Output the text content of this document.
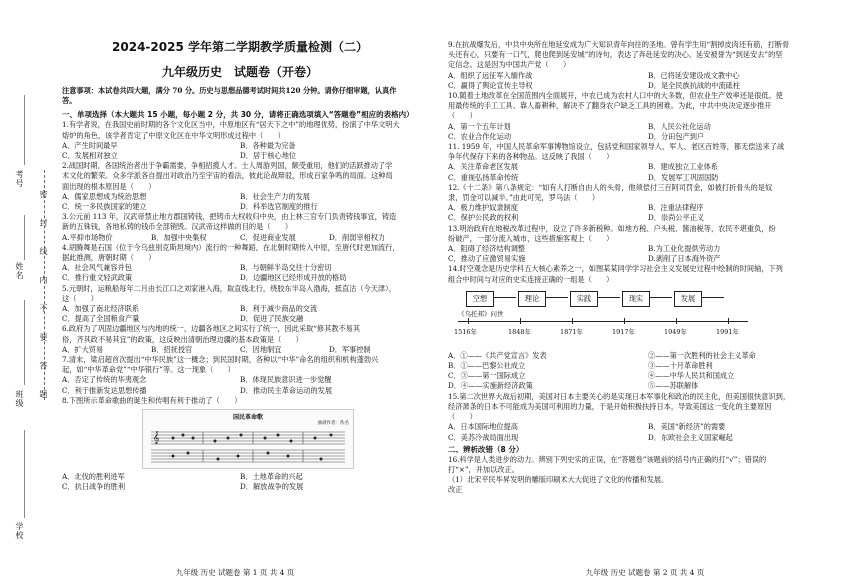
考号
姓名
班级
学校
密 封 线 内 不 要 答 题
2024-2025 学年第二学期教学质量检测（二）
九年级历史　试题卷（开卷）
注意事项：本试卷共四大题，满分 70 分。历史与思想品德考试时间共120 分钟。请你仔细审题，认真作
答。
一、单项选择（本大题共 15 小题，每小题 2 分，共 30 分，请将正确选项填入“答题卷”相应的表格内）
1.有学者说，在我国史前时期的各个文化区当中，中原地区有“居天下之中”的地理优势，扮演了中华文明大
熔炉的角色，该学者肯定了中原文化区在中华文明形成过程中（　　）
A．产生时间最早	B．各种最为完备
C．发展相对独立	D．居于核心地位
2.战国时期，各国统治者出于争霸需要，争相招揽人才。士人周游列国，颇受重用，他们的活跃推动了学
术文化的繁荣。众多学派各自提出对政治乃至宇宙的看法，彼此论战辩驳，形成百家争鸣的局面。这种局
面出现的根本原因是（　　）
A．儒家思想成为统治思想	B．社会生产力的发展
C．统一多民族国家的建立	D．科举选官制度的推行
3.公元前 113 年，汉武帝禁止地方郡国铸钱，把铸币大权收归中央，由上林三官专门负责铸钱事宜，铸造
新的五铢钱，各地私铸的钱币全部销毁。汉武帝这样做的目的是（　　）
A.平抑市场物价	B．加强中央集权	C．促进商业发展	D．削弱宰相权力
4.胡腾舞是石国（位于今乌兹别克斯坦境内）流行的一种舞蹈，在北朝时期传入中原，至唐代时更加流行，
据此推测，唐朝时期（　　）
A．社会风气兼容并包	B．与朝鲜半岛交往十分密切
C．推行重文轻武政策	D．边疆地区已经形成开放的格局
5.元朝时，运粮船每年二月由长江口之刘家港入海，取直线北行，绕胶东半岛入渤海，抵直沽（今天津），
这（　　）
A．加强了南北经济联系	B．利于减少商品的交流
C．提高了全国粮食产量	D．促进了民族交融
6.政府为了巩固边疆地区与内地的统一，边疆各地区之间实行了统一，因此采取“修其教不易其
俗，齐其政不易其宜”的政策，这反映出清朝治理边疆的基本政策是（　　）
A．扩大贸易	B．招抚授官	C．因地制宜	D．军事控制
7.清末，梁启超首次提出“中华民族”这一概念；到民国时期，各种以“中华”命名的组织和机构蓬勃兴
起，如“中华革命党”“中华银行”等。这一现象（　　）
A．否定了传统的华夷观念	B．体现民族意识进一步觉醒
C．利于推新发达思想传播	D．推动民主革命运动的发展
8.下图所示革命歌曲的诞生和传唱有利于推动了（　　）
国民革命歌
曲谱作者：佚名
𝄞
A．北伐的胜利进军	B．土地革命的兴起
C．抗日战争的胜利	D．解放战争的发展
九年级 历史 试题卷 第 1 页 共 4 页
9.在抗战爆发后，中共中央所在地延安成为广大知识青年向往的圣地。曾有学生用“割掉皮肉还有筋，打断骨
头还有心，只要有一口气，爬也爬到延安城”的诗句，表达了奔赴延安的决心。延安被誉为“到延安去”的坚
定信念。这是因为中国共产党（　　）
A．组织了远征军入缅作战	B．已将延安建设成文教中心
C．赢得了舆论宣传主导权	D．是全民族抗战的中流砥柱
10.随着土地改革在全国范围内全面展开，中农已成为农村人口中的大多数，但农业生产效率还是很低。使
用最传统的手工工具、靠人畜耕种，解决不了翻身农户缺乏工具的困难。为此，中共中央决定逐步推开
（　　）
A．第一个五年计划	B．人民公社化运动
C．农业合作化运动	D．分田包产到户
11. 1959 年，中国人民革命军事博物馆设立，包括党和国家领导人、军人、老区百姓等，都无偿送来了战
争年代保存下来的各种物品。这反映了我国（　　）
A．关注革命老区发展	B．建成独立工业体系
C．重视弘扬革命传统	D．发展军工巩固国防
12.《十二条》第八条规定：“如有人打断自由人的头骨，他须偿付三百阿司罚金，如被打折骨头的是奴
隶，罚金可以减半。”由此可见，罗马法（　　）
A．极力维护奴隶制度	B．注重法律程序
C．保护公民政的权利	D．崇尚公平正义
13.明治政府在地税改革过程中，设立了许多新税种。如地方税、户头税、酱油税等，农民不堪重负，纷
纷破产，一部分流入城市，这些措施客观上（　　）
A．阻碍了经济结构调整	B.为工业化提供劳动力
C．推动了应激贸易实施	D.剥削了日本海外资产
14.时空观念是历史学科五大核心素养之一，如图某某同学学习社会主义发展史过程中绘制的时间轴，下列
组合中时间与对应的史实连接正确的一组是（　　）
空想	理论	实践	现实	发展
《乌托邦》问世
1516年	1848年	1871年	1917年	1949年	1991年
A．①——《共产党宣言》发表	②——第一次胜利的社会主义革命
B．①——巴黎公社成立	③——十月革命胜利
C．③——第一国际成立	④——中华人民共和国成立
D．④——实施新经济政策	⑤——苏联解体
15.第二次世界大战后初期，美国对日本主要关心的是实现日本军事化和政治的民主化，但美国很快意识到，
经济萧条的日本不可能成为美国可利用的力量，于是开始积极扶持日本，导致美国这一变化的主要原因
（　　）
A．日本国际地位提高	B．美国“新经济”的需要
C．美苏冷战局面出现	D．东欧社会主义国家崛起
二、辨析改错（8 分）
16.科学是人类进步的动力。辨别下列史实的正误，在“答题卷”该题前的括号内正确的打“√”；错误的
打“×”，并加以改正。
（1）北宋平民毕昇发明的雕版印刷术大大促进了文化的传播和发展。
改正
九年级 历史 试题卷 第 2 页 共 4 页
